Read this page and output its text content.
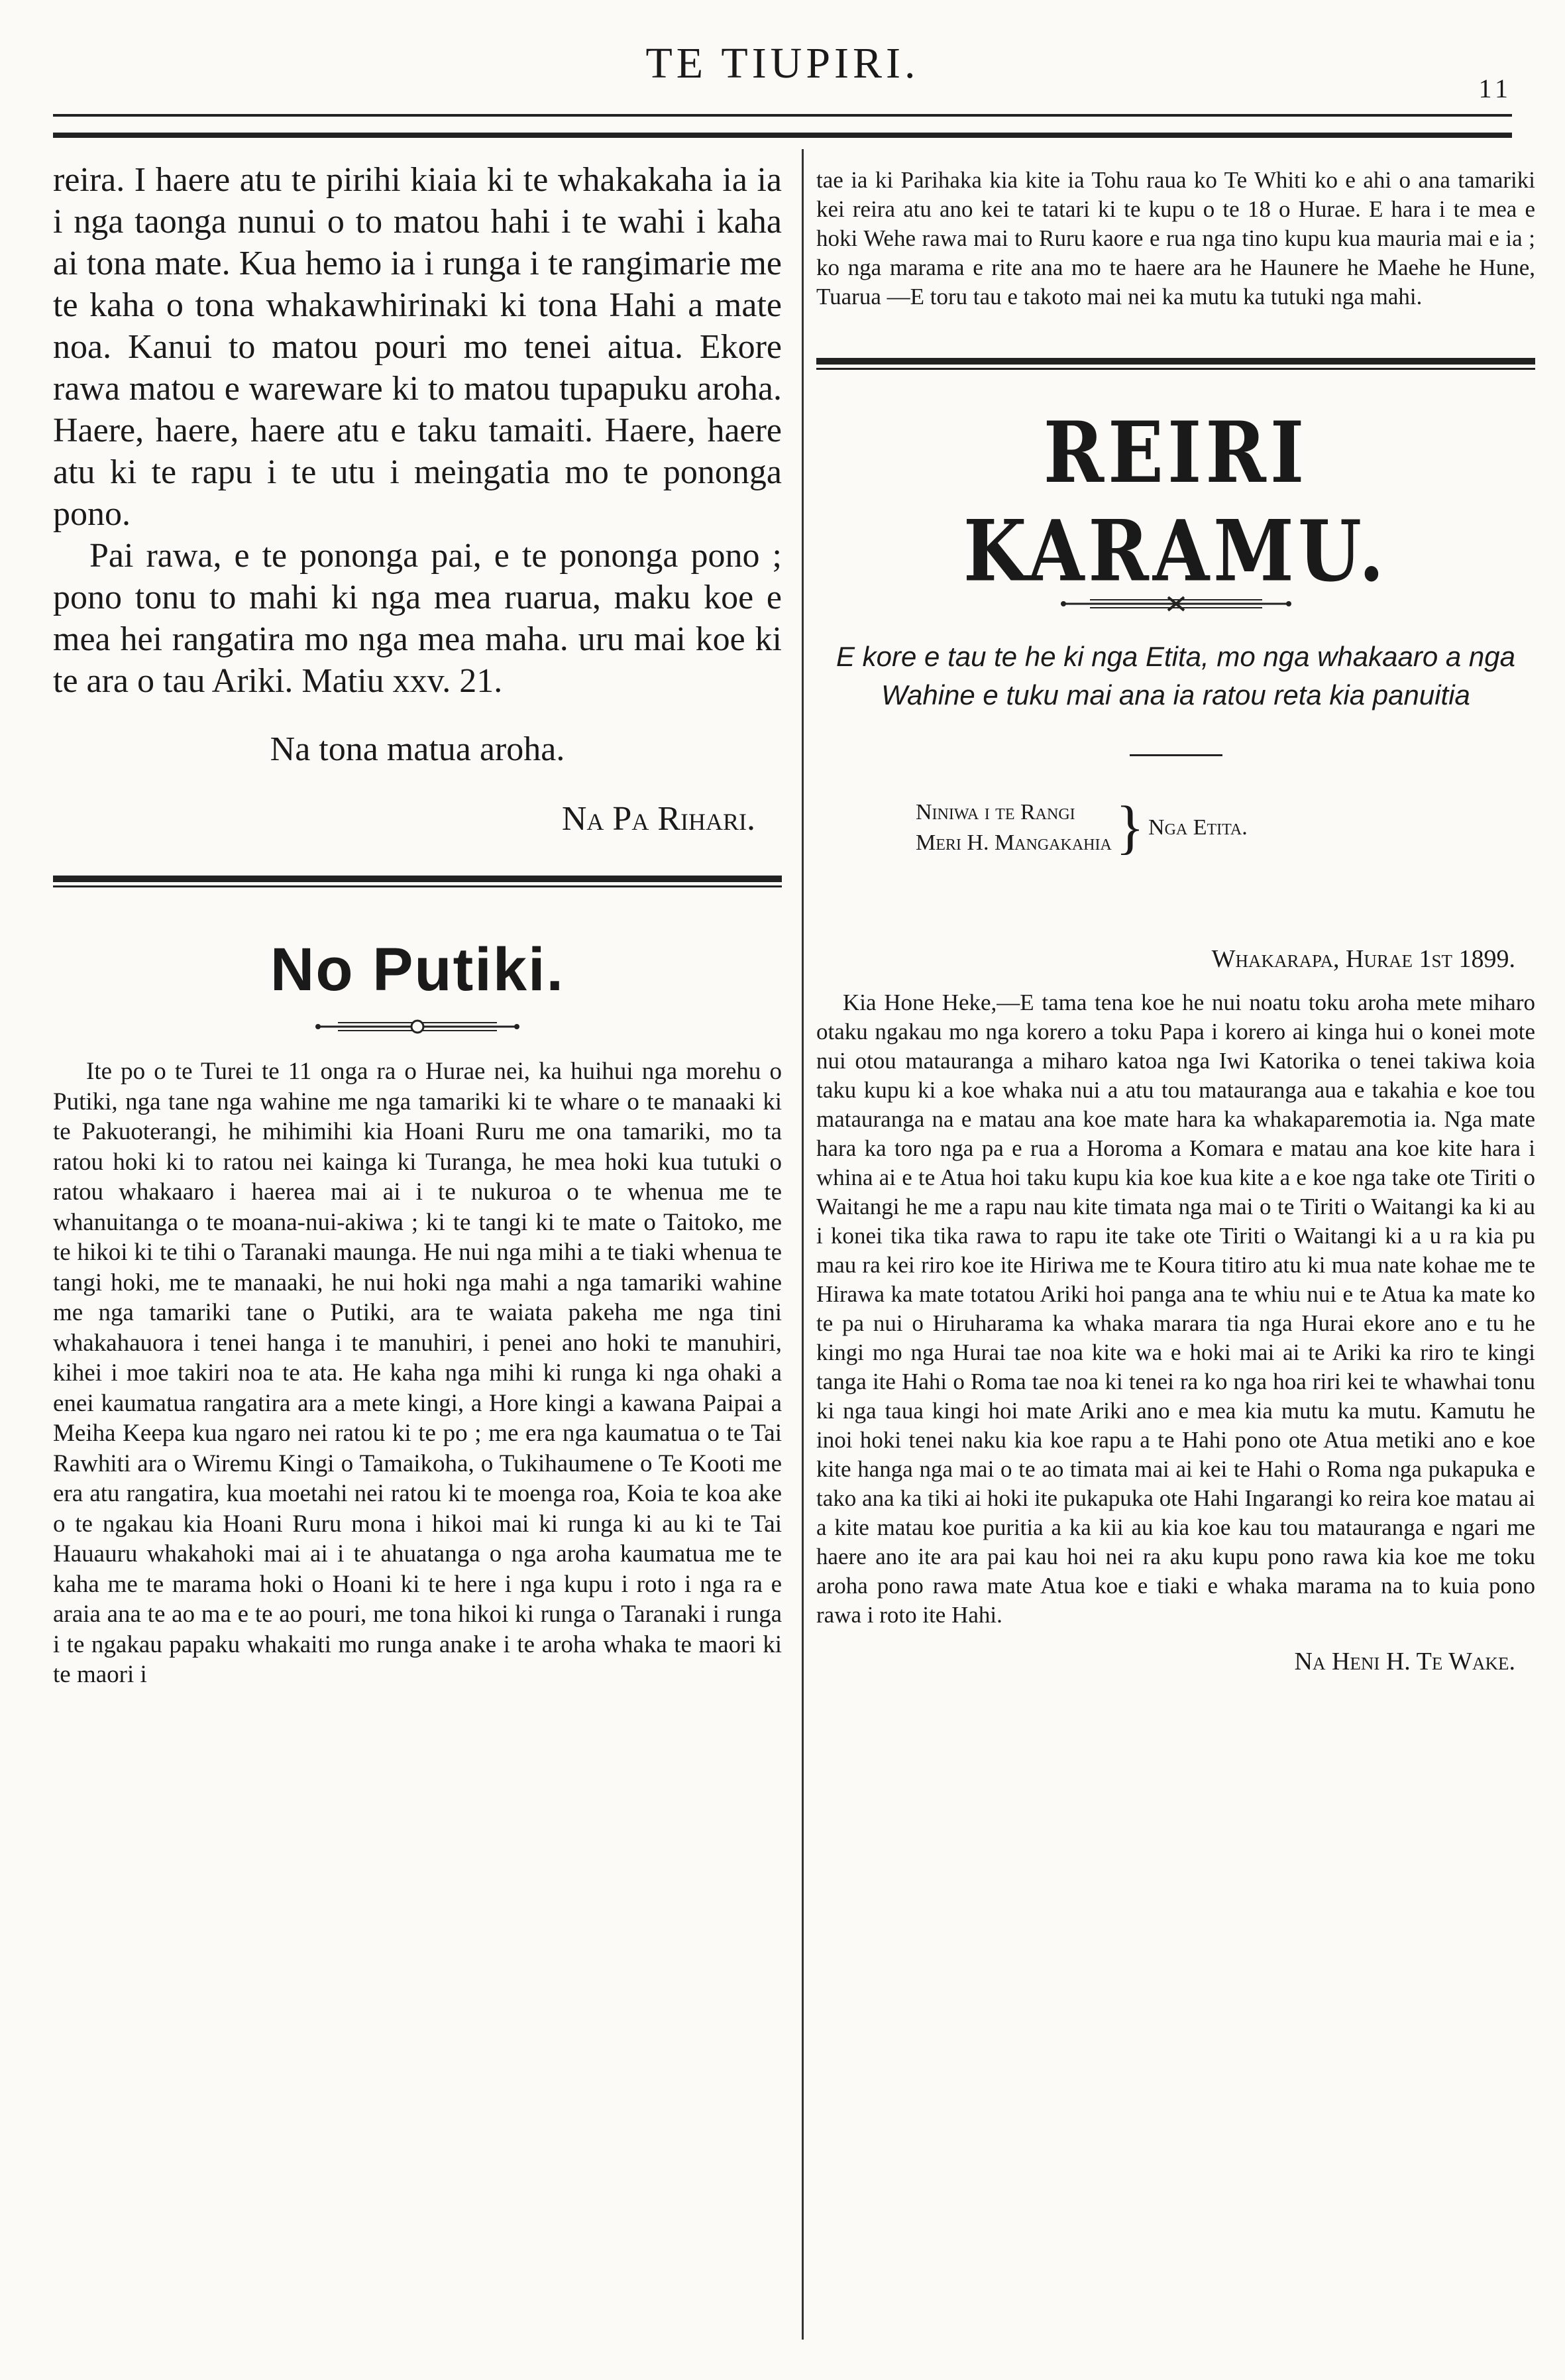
TE TIUPIRI.
11

reira. I haere atu te pirihi kiaia ki te whakakaha ia ia i nga taonga nunui o to matou hahi i te wahi i kaha ai tona mate. Kua hemo ia i runga i te rangimarie me te kaha o tona whakawhirinaki ki tona Hahi a mate noa. Kanui to matou pouri mo tenei aitua. Ekore rawa matou e wareware ki to matou tupapuku aroha. Haere, haere, haere atu e taku tamaiti. Haere, haere atu ki te rapu i te utu i meingatia mo te pononga pono.

Pai rawa, e te pononga pai, e te pononga pono ; pono tonu to mahi ki nga mea ruarua, maku koe e mea hei rangatira mo nga mea maha. uru mai koe ki te ara o tau Ariki. Matiu xxv. 21.

Na tona matua aroha.
Na Pa Rihari.
No Putiki.

Ite po o te Turei te 11 onga ra o Hurae nei, ka huihui nga morehu o Putiki, nga tane nga wahine me nga tamariki ki te whare o te manaaki ki te Pakuoterangi, he mihimihi kia Hoani Ruru me ona tamariki, mo ta ratou hoki ki to ratou nei kainga ki Turanga, he mea hoki kua tutuki o ratou whakaaro i haerea mai ai i te nukuroa o te whenua me te whanuitanga o te moana-nui-akiwa ; ki te tangi ki te mate o Taitoko, me te hikoi ki te tihi o Taranaki maunga. He nui nga mihi a te tiaki whenua te tangi hoki, me te manaaki, he nui hoki nga mahi a nga tamariki wahine me nga tamariki tane o Putiki, ara te waiata pakeha me nga tini whakahauora i tenei hanga i te manuhiri, i penei ano hoki te manuhiri, kihei i moe takiri noa te ata. He kaha nga mihi ki runga ki nga ohaki a enei kaumatua rangatira ara a mete kingi, a Hore kingi a kawana Paipai a Meiha Keepa kua ngaro nei ratou ki te po ; me era nga kaumatua o te Tai Rawhiti ara o Wiremu Kingi o Tamaikoha, o Tukihaumene o Te Kooti me era atu rangatira, kua moetahi nei ratou ki te moenga roa, Koia te koa ake o te ngakau kia Hoani Ruru mona i hikoi mai ki runga ki au ki te Tai Hauauru whakahoki mai ai i te ahuatanga o nga aroha kaumatua me te kaha me te marama hoki o Hoani ki te here i nga kupu i roto i nga ra e araia ana te ao ma e te ao pouri, me tona hikoi ki runga o Taranaki i runga i te ngakau papaku whakaiti mo runga anake i te aroha whaka te maori ki te maori i

tae ia ki Parihaka kia kite ia Tohu raua ko Te Whiti ko e ahi o ana tamariki kei reira atu ano kei te tatari ki te kupu o te 18 o Hurae. E hara i te mea e hoki Wehe rawa mai to Ruru kaore e rua nga tino kupu kua mauria mai e ia ; ko nga marama e rite ana mo te haere ara he Haunere he Maehe he Hune, Tuarua —E toru tau e takoto mai nei ka mutu ka tutuki nga mahi.

REIRI KARAMU.
E kore e tau te he ki nga Etita, mo nga whakaaro a nga Wahine e tuku mai ana ia ratou reta kia panuitia
Niniwa i te Rangi
Meri H. Mangakahia } Nga Etita.
Whakarapa, Hurae 1st 1899.

Kia Hone Heke,—E tama tena koe he nui noatu toku aroha mete miharo otaku ngakau mo nga korero a toku Papa i korero ai kinga hui o konei mote nui otou matauranga a miharo katoa nga Iwi Katorika o tenei takiwa koia taku kupu ki a koe whaka nui a atu tou matauranga aua e takahia e koe tou matauranga na e matau ana koe mate hara ka whakaparemotia ia. Nga mate hara ka toro nga pa e rua a Horoma a Komara e matau ana koe kite hara i whina ai e te Atua hoi taku kupu kia koe kua kite a e koe nga take ote Tiriti o Waitangi he me a rapu nau kite timata nga mai o te Tiriti o Waitangi ka ki au i konei tika tika rawa to rapu ite take ote Tiriti o Waitangi ki a u ra kia pu mau ra kei riro koe ite Hiriwa me te Koura titiro atu ki mua nate kohae me te Hirawa ka mate totatou Ariki hoi panga ana te whiu nui e te Atua ka mate ko te pa nui o Hiruharama ka whaka marara tia nga Hurai ekore ano e tu he kingi mo nga Hurai tae noa kite wa e hoki mai ai te Ariki ka riro te kingi tanga ite Hahi o Roma tae noa ki tenei ra ko nga hoa riri kei te whawhai tonu ki nga taua kingi hoi mate Ariki ano e mea kia mutu ka mutu. Kamutu he inoi hoki tenei naku kia koe rapu a te Hahi pono ote Atua metiki ano e koe kite hanga nga mai o te ao timata mai ai kei te Hahi o Roma nga pukapuka e tako ana ka tiki ai hoki ite pukapuka ote Hahi Ingarangi ko reira koe matau ai a kite matau koe puritia a ka kii au kia koe kau tou matauranga e ngari me haere ano ite ara pai kau hoi nei ra aku kupu pono rawa kia koe me toku aroha pono rawa mate Atua koe e tiaki e whaka marama na to kuia pono rawa i roto ite Hahi.

Na Heni H. Te Wake.
